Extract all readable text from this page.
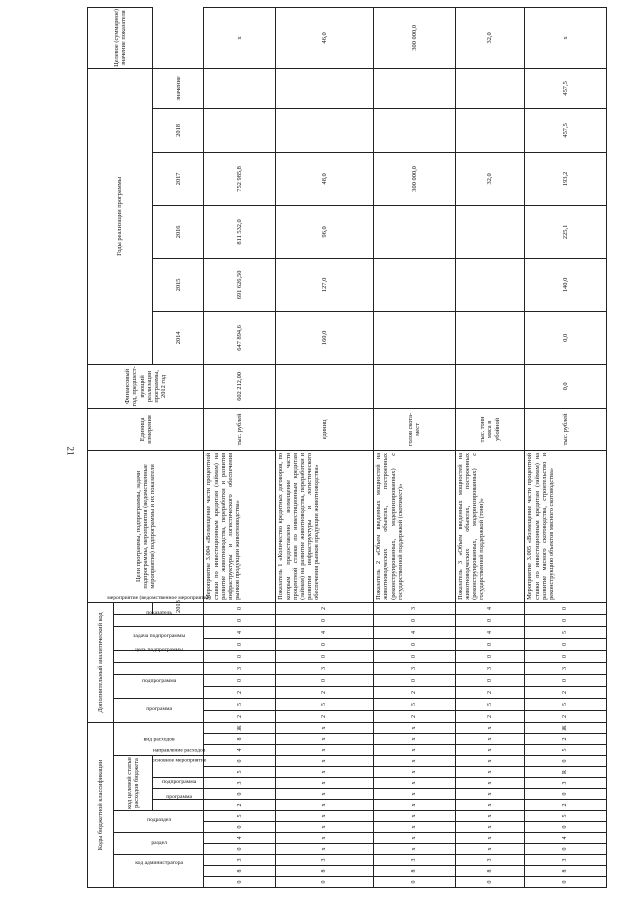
21
Коды бюджетной классификации															Дополнительный аналитический код										Цели программы, подпрограммы, задачи подпрограммы, мероприятия (ведомственные мероприятия) подпрограммы и их показатели	Единица измерения	Финансовый год, предшест-вующий реализации программы, 2012 год	Годы реализации программы						Целевое (суммарное) значение показателя
код администратора			раздел		подраздел		код целевой статьи расходов бюджета					вид расходов			программа		подпрограмма		цель подпрограммы	задача подпрограммы	мероприятие (ведомственное мероприятие)		показатель											
							программа	подпрограмма	основное мероприятие	направление расходов														2013				2014	2015	2016	2017	2018	значение	
0	8	3	0	4	0	5	2	0	3	5	0	4	8	Ж	2	5	2	0	3	0	0	4	0	0	Мероприятие 3.004 «Возмещение части процентной ставки по инвестиционным кредитам (займам) на развитие животноводства, переработки и развития инфраструктуры и логистического обеспечения рынков продукции животноводства»	тыс. рублей	602 212,00	647 894,6	691 626,50	811 532,0	752 985,8			x
0	8	3	x	x	x	x	x	x	x	x	x	x	x	x	2	5	2	0	3	0	0	4	0	2	Показатель 1 «Количество кредитных договоров, по которым предоставлено возмещение части процентной ставки по инвестиционным кредитам (займам) на развитие животноводства, переработки и развития инфраструктуры и логистического обеспечения рынков продукции животноводства»	единиц		160,0	127,0	96,0	48,0			46,0
0	8	3	x	x	x	x	x	x	x	x	x	x	x	x	2	5	2	0	3	0	0	4	0	3	Показатель 2 «Объем введенных мощностей на животноводческих объектах, построенных (реконструированных, модернизированных) с государственной поддержкой (скотомест)»	голов скота-мест					300 000,0			300 000,0
0	8	3	x	x	x	x	x	x	x	x	x	x	x	x	2	5	2	0	3	0	0	4	0	4	Показатель 3 «Объем введенных мощностей на животноводческих объектах, построенных (реконструированных, модернизированных) с государственной поддержкой (тонн)»	тыс. тонн мяса в убойной					32,0			32,0
0	8	3	0	4	0	5	2	0	3	R	0	5	2	Ж	2	5	2	0	3	0	0	5	0	0	Мероприятие 3.005 «Возмещение части процентной ставки по инвестиционным кредитам (займам) на развитие мясного скотоводства, строительство и реконструкцию объектов мясного скотоводства»	тыс. рублей	0,0	0,0	140,0	225,1	193,2	457,5	457,5	x
